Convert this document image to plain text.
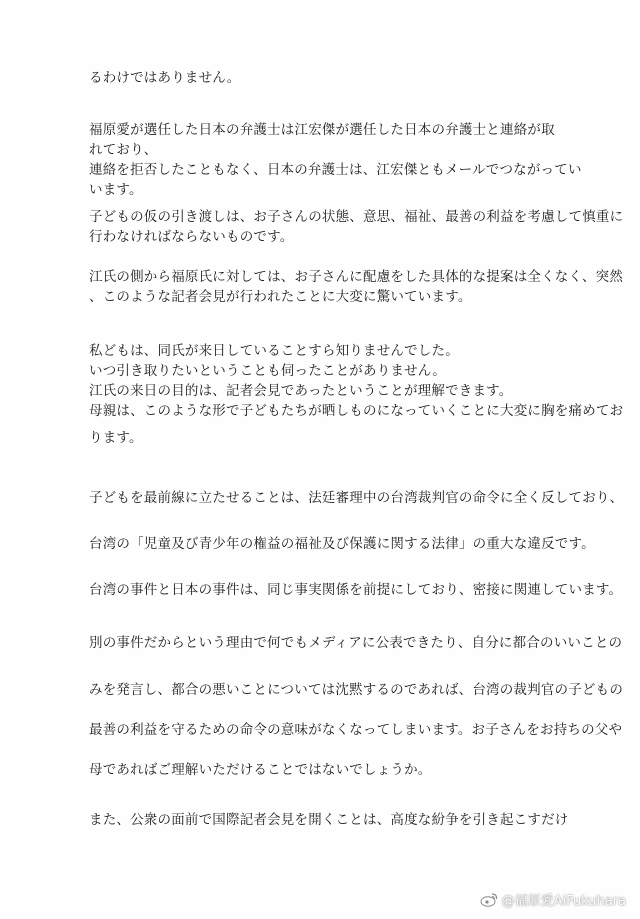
るわけではありません。
福原愛が選任した日本の弁護士は江宏傑が選任した日本の弁護士と連絡が取
れており、
連絡を拒否したこともなく、日本の弁護士は、江宏傑ともメールでつながってい
います。
子どもの仮の引き渡しは、お子さんの状態、意思、福祉、最善の利益を考慮して慎重に
行わなければならないものです。
江氏の側から福原氏に対しては、お子さんに配慮をした具体的な提案は全くなく、突然
、このような記者会見が行われたことに大変に驚いています。
私どもは、同氏が来日していることすら知りませんでした。
いつ引き取りたいということも伺ったことがありません。
江氏の来日の目的は、記者会見であったということが理解できます。
母親は、このような形で子どもたちが晒しものになっていくことに大変に胸を痛めてお
ります。
子どもを最前線に立たせることは、法廷審理中の台湾裁判官の命令に全く反しており、
台湾の「児童及び青少年の権益の福祉及び保護に関する法律」の重大な違反です。
台湾の事件と日本の事件は、同じ事実関係を前提にしており、密接に関連しています。
別の事件だからという理由で何でもメディアに公表できたり、自分に都合のいいことの
みを発言し、都合の悪いことについては沈黙するのであれば、台湾の裁判官の子どもの
最善の利益を守るための命令の意味がなくなってしまいます。お子さんをお持ちの父や
母であればご理解いただけることではないでしょうか。
また、公衆の面前で国際記者会見を開くことは、高度な紛争を引き起こすだけ
@福原愛AiFukuhara
